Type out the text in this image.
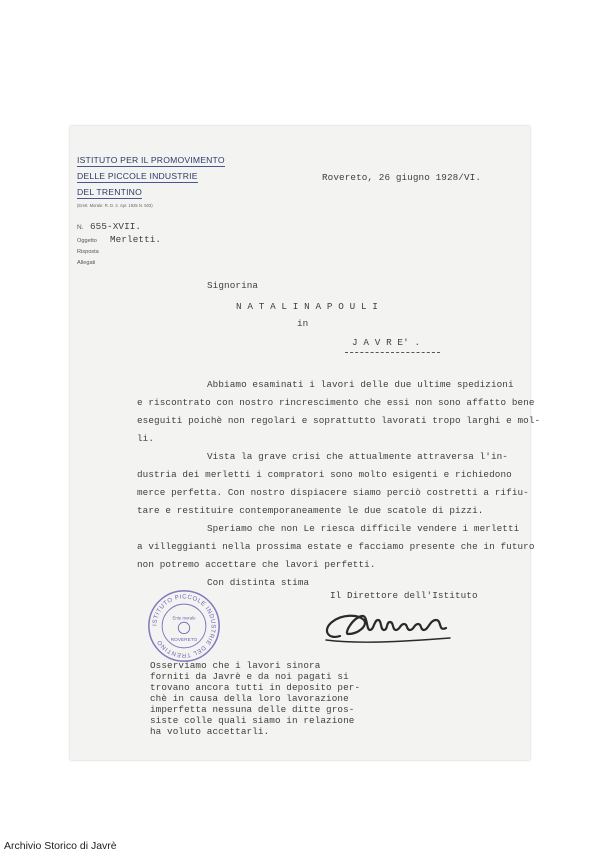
ISTITUTO PER IL PROMOVIMENTO
DELLE PICCOLE INDUSTRIE
DEL TRENTINO
(Erett. Morale: R. D. 2. Apr. 1925 N. 503)
Rovereto, 26 giugno 1928/VI.
N. 655-XVII.
Oggetto Merletti.
Risposta
Allegati
Signorina
N A T A L I N A P O U L I
in
J A V R E' .
Abbiamo esaminati i lavori delle due ultime spedizioni
e riscontrato con nostro rincrescimento che essi non sono affatto bene
eseguiti poichè non regolari e soprattutto lavorati tropo larghi e mol-
li.
Vista la grave crisi che attualmente attraversa l'in-
dustria dei merletti i compratori sono molto esigenti e richiedono
merce perfetta. Con nostro dispiacere siamo perciò costretti a rifiu-
tare e restituire contemporaneamente le due scatole di pizzi.
Speriamo che non Le riesca difficile vendere i merletti
a villeggianti nella prossima estate e facciamo presente che in futuro
non potremo accettare che lavori perfetti.
Con distinta stima
Il Direttore dell'Istituto
ISTITUTO PICCOLE INDUSTRIE DEL TRENTINO
Ente morale
ROVERETO
Osserviamo che i lavori sinora
forniti da Javrè e da noi pagati si
trovano ancora tutti in deposito per-
chè in causa della loro lavorazione
imperfetta nessuna delle ditte gros-
siste colle quali siamo in relazione
ha voluto accettarli.
Archivio Storico di Javrè
